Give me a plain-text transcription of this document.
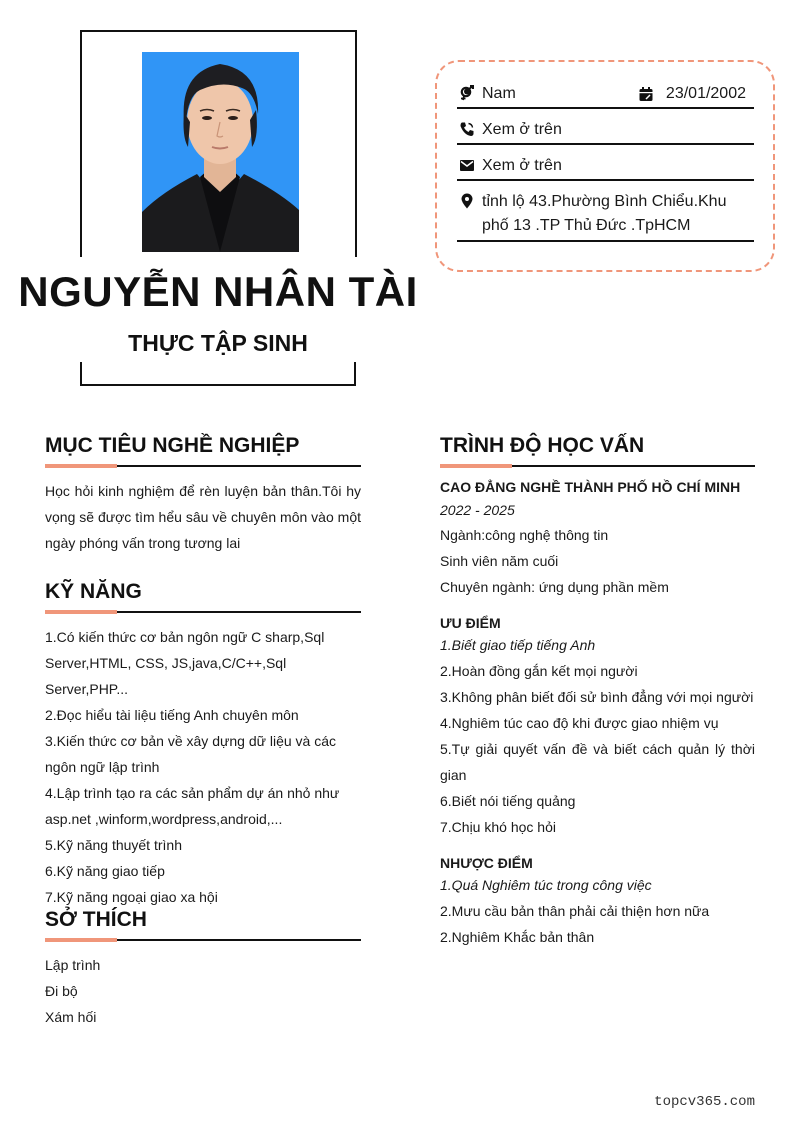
NGUYỄN NHÂN TÀI
THỰC TẬP SINH
Nam	23/01/2002
Xem ở trên
Xem ở trên
tỉnh lộ 43.Phường Bình Chiểu.Khu phố 13 .TP Thủ Đức .TpHCM
MỤC TIÊU NGHỀ NGHIỆP
Học hỏi kinh nghiệm để rèn luyện bản thân.Tôi hy vọng sẽ được tìm hểu sâu về chuyên môn vào một ngày phóng vấn trong tương lai
KỸ NĂNG
1.Có kiến thức cơ bản ngôn ngữ C sharp,Sql Server,HTML, CSS, JS,java,C/C++,Sql Server,PHP...
2.Đọc hiểu tài liệu tiếng Anh chuyên môn
3.Kiến thức cơ bản về xây dựng dữ liệu và các ngôn ngữ lập trình
4.Lập trình tạo ra các sản phẩm dự án nhỏ như asp.net ,winform,wordpress,android,...
5.Kỹ năng thuyết trình
6.Kỹ năng giao tiếp
7.Kỹ năng ngoại giao xa hội
SỞ THÍCH
Lập trình
Đi bộ
Xám hối
TRÌNH ĐỘ HỌC VẤN
CAO ĐẲNG NGHỀ THÀNH PHỐ HỒ CHÍ MINH
2022 - 2025
Ngành:công nghệ thông tin
Sinh viên năm cuối
Chuyên ngành: ứng dụng phần mềm
ƯU ĐIỂM
1.Biết giao tiếp tiếng Anh
2.Hoàn đồng gắn kết mọi người
3.Không phân biết đối sử bình đẳng với mọi người
4.Nghiêm túc cao độ khi được giao nhiệm vụ
5.Tự giải quyết vấn đề và biết cách quản lý thời gian
6.Biết nói tiếng quảng
7.Chịu khó học hỏi
NHƯỢC ĐIỂM
1.Quá Nghiêm túc trong công việc
2.Mưu cầu bản thân phải cải thiện hơn nữa
2.Nghiêm Khắc bản thân
topcv365.com
